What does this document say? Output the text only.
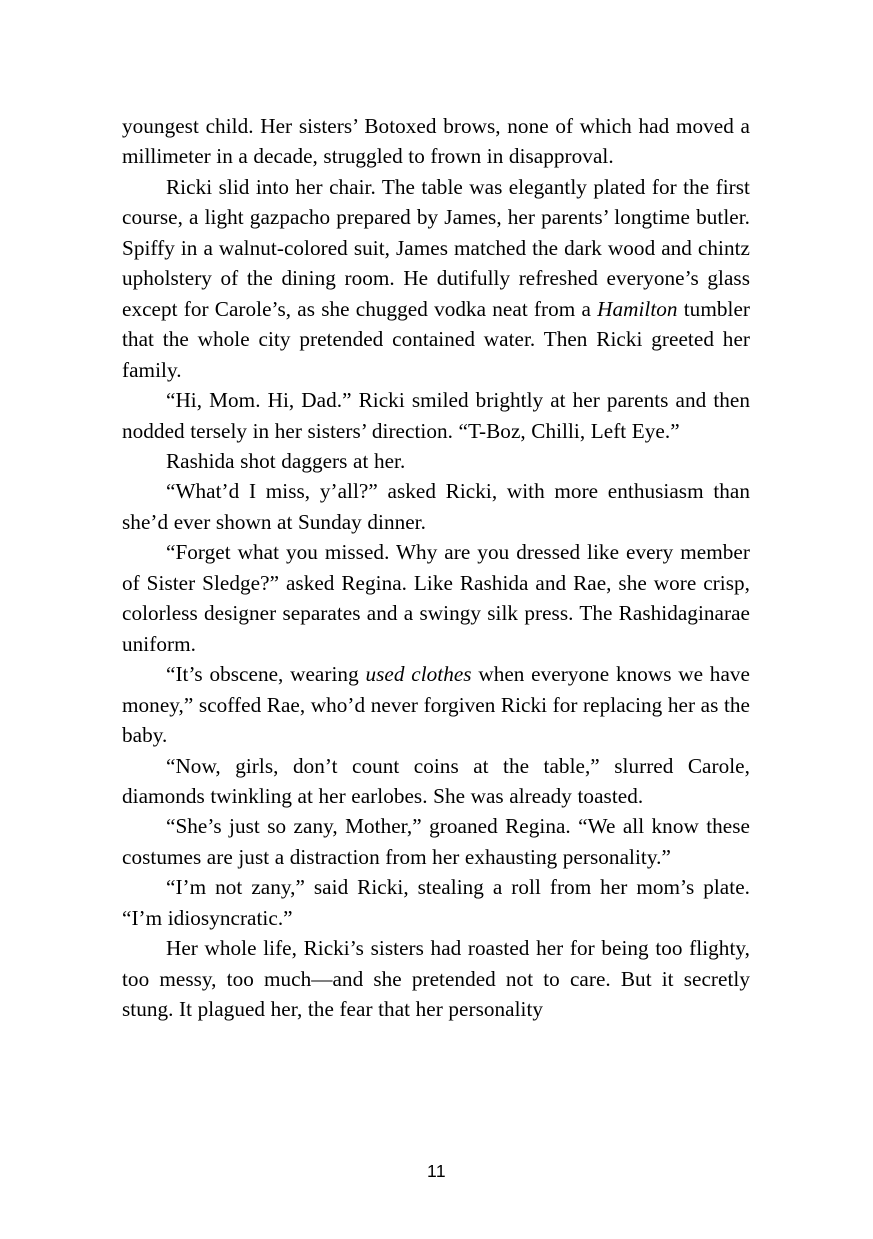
youngest child. Her sisters’ Botoxed brows, none of which had moved a millimeter in a decade, struggled to frown in disapproval.

Ricki slid into her chair. The table was elegantly plated for the first course, a light gazpacho prepared by James, her parents’ longtime butler. Spiffy in a walnut-colored suit, James matched the dark wood and chintz upholstery of the dining room. He dutifully refreshed everyone’s glass except for Carole’s, as she chugged vodka neat from a Hamilton tumbler that the whole city pretended contained water. Then Ricki greeted her family.

“Hi, Mom. Hi, Dad.” Ricki smiled brightly at her parents and then nodded tersely in her sisters’ direction. “T-Boz, Chilli, Left Eye.”

Rashida shot daggers at her.

“What’d I miss, y’all?” asked Ricki, with more enthusiasm than she’d ever shown at Sunday dinner.

“Forget what you missed. Why are you dressed like every member of Sister Sledge?” asked Regina. Like Rashida and Rae, she wore crisp, colorless designer separates and a swingy silk press. The Rashidaginarae uniform.

“It’s obscene, wearing used clothes when everyone knows we have money,” scoffed Rae, who’d never forgiven Ricki for replacing her as the baby.

“Now, girls, don’t count coins at the table,” slurred Carole, diamonds twinkling at her earlobes. She was already toasted.

“She’s just so zany, Mother,” groaned Regina. “We all know these costumes are just a distraction from her exhausting personality.”

“I’m not zany,” said Ricki, stealing a roll from her mom’s plate. “I’m idiosyncratic.”

Her whole life, Ricki’s sisters had roasted her for being too flighty, too messy, too much—and she pretended not to care. But it secretly stung. It plagued her, the fear that her personality

11
